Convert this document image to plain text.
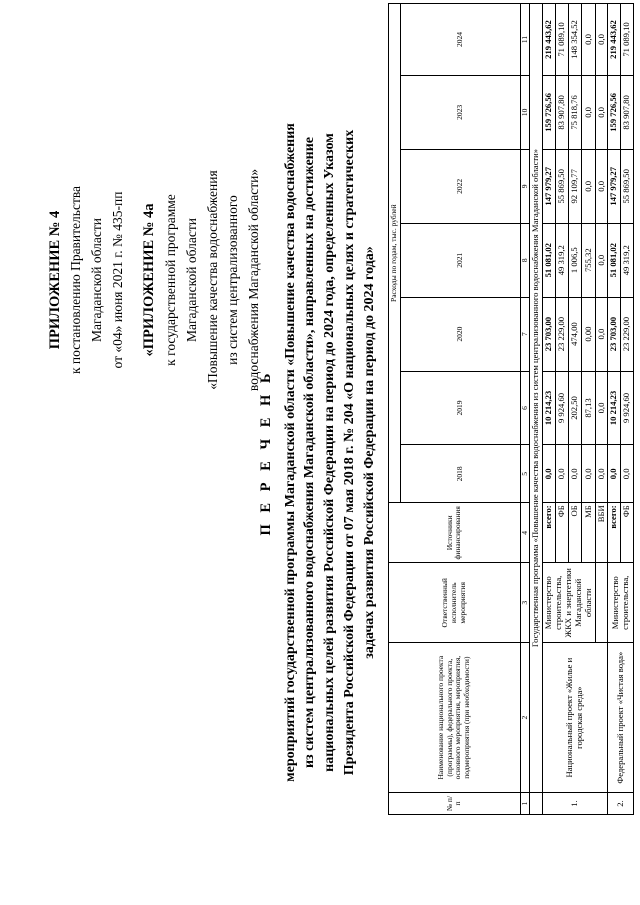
ПРИЛОЖЕНИЕ № 4 к постановлению Правительства Магаданской области от «04» июня 2021 г. № 435-пп «ПРИЛОЖЕНИЕ № 4а к государственной программе Магаданской области «Повышение качества водоснабжения из систем централизованного водоснабжения Магаданской области»
П Е Р Е Ч Е Н Ь мероприятий государственной программы Магаданской области «Повышение качества водоснабжения из систем централизованного водоснабжения Магаданской области», направленных на достижение национальных целей развития Российской Федерации на период до 2024 года, определенных Указом Президента Российской Федерации от 07 мая 2018 г. № 204 «О национальных целях и стратегических задачах развития Российской Федерации на период до 2024 года»
№ п/п	Наименование национального проекта (программы), федерального проекта, основного мероприятия, мероприятия, подмероприятия (при необходимости)	Ответственный исполнитель мероприятия	Источники финансирования	Расходы по годам, тыс. рублей						
				2018	2019	2020	2021	2022	2023	2024
1	2	3	4	5	6	7	8	9	10	11
	Государственная программа «Повышение качества водоснабжения из систем централизованного водоснабжения Магаданской области»									
1.	Национальный проект «Жилье и городская среда»	Министерство строительства, ЖКХ и энергетики Магаданской области	всего:	0,0	10 214,23	23 703,00	51 081,02	147 979,27	159 726,56	219 443,62
			ФБ	0,0	9 924,60	23 229,00	49 319,2	55 869,50	83 907,80	71 089,10
			ОБ	0,0	202,50	474,00	1 006,5	92 109,77	75 818,76	148 354,52
			МБ	0,0	87,13	0,00	755,32	0,0	0,0	0,0
			ВБИ	0,0	0,0	0,0	0,0	0,0	0,0	0,0
2.	Федеральный проект «Чистая вода»	Министерство строительства,	всего:	0,0	10 214,23	23 703,00	51 081,02	147 979,27	159 726,56	219 443,62
			ФБ	0,0	9 924,60	23 229,00	49 319,2	55 869,50	83 907,80	71 089,10
